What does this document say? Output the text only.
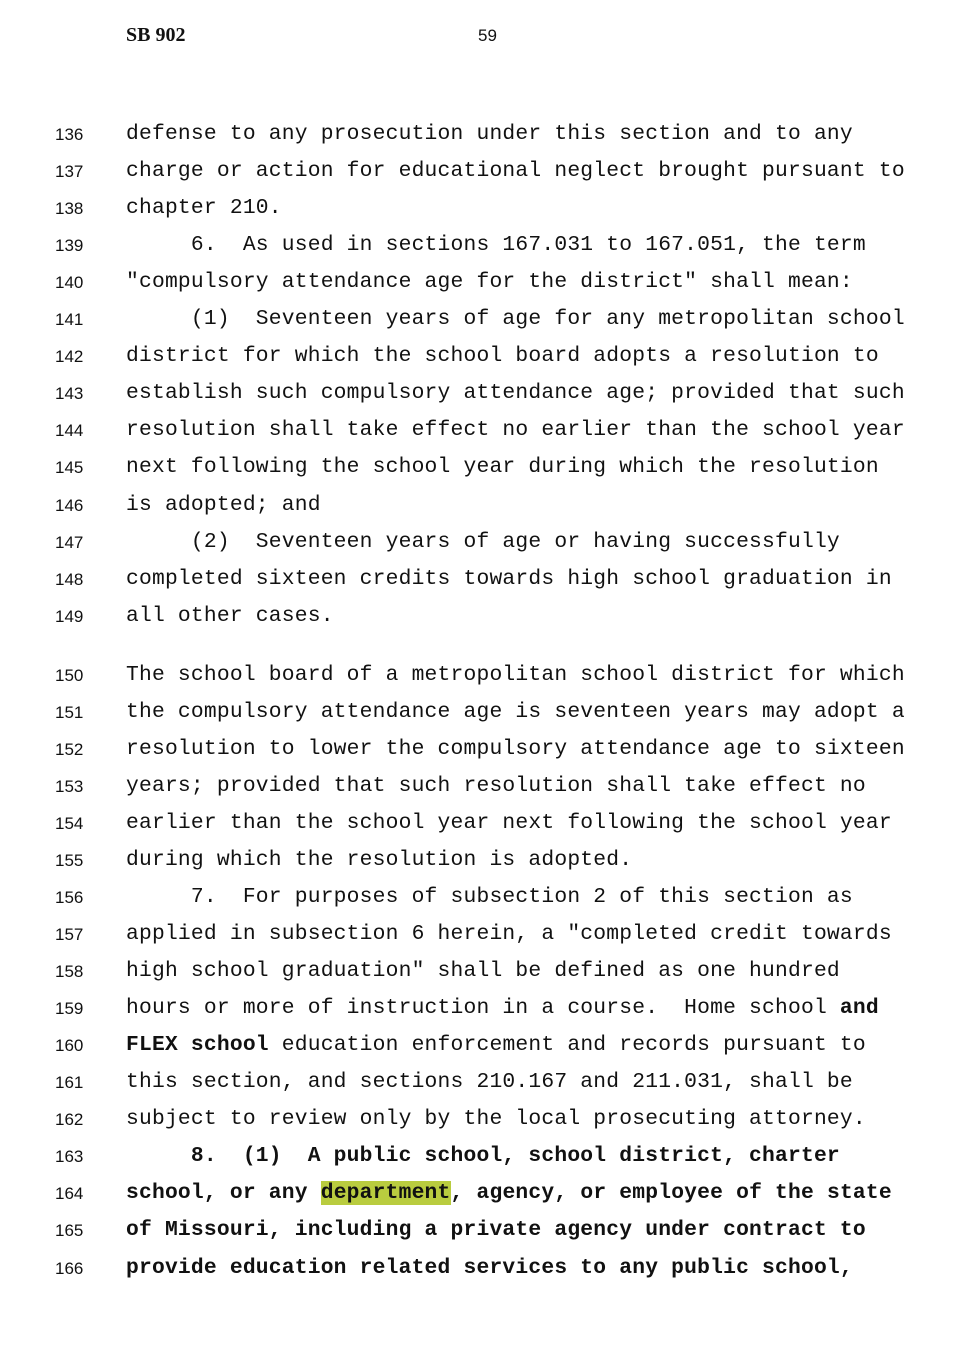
SB 902	59
136 defense to any prosecution under this section and to any
137 charge or action for educational neglect brought pursuant to
138 chapter 210.
139 6.  As used in sections 167.031 to 167.051, the term
140 "compulsory attendance age for the district" shall mean:
141 (1)  Seventeen years of age for any metropolitan school
142 district for which the school board adopts a resolution to
143 establish such compulsory attendance age; provided that such
144 resolution shall take effect no earlier than the school year
145 next following the school year during which the resolution
146 is adopted; and
147 (2)  Seventeen years of age or having successfully
148 completed sixteen credits towards high school graduation in
149 all other cases.
150 The school board of a metropolitan school district for which
151 the compulsory attendance age is seventeen years may adopt a
152 resolution to lower the compulsory attendance age to sixteen
153 years; provided that such resolution shall take effect no
154 earlier than the school year next following the school year
155 during which the resolution is adopted.
156 7.  For purposes of subsection 2 of this section as
157 applied in subsection 6 herein, a "completed credit towards
158 high school graduation" shall be defined as one hundred
159 hours or more of instruction in a course.  Home school and
160 FLEX school education enforcement and records pursuant to
161 this section, and sections 210.167 and 211.031, shall be
162 subject to review only by the local prosecuting attorney.
163 8.  (1)  A public school, school district, charter
164 school, or any department, agency, or employee of the state
165 of Missouri, including a private agency under contract to
166 provide education related services to any public school,
